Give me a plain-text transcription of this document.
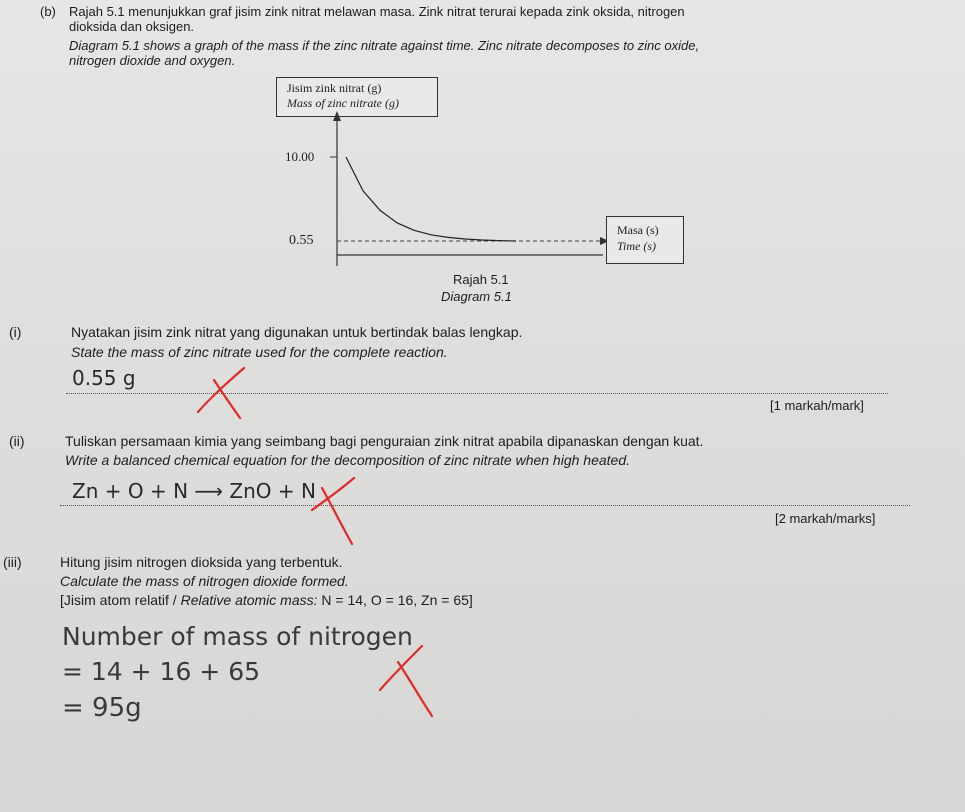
(b) Rajah 5.1 menunjukkan graf jisim zink nitrat melawan masa. Zink nitrat terurai kepada zink oksida, nitrogen
dioksida dan oksigen.
Diagram 5.1 shows a graph of the mass if the zinc nitrate against time. Zinc nitrate decomposes to zinc oxide,
nitrogen dioxide and oxygen.
Jisim zink nitrat (g)
Mass of zinc nitrate (g)
10.00
0.55
Masa (s)
Time (s)
Rajah 5.1
Diagram 5.1
(i)	Nyatakan jisim zink nitrat yang digunakan untuk bertindak balas lengkap.
State the mass of zinc nitrate used for the complete reaction.
0.55 g
[1 markah/mark]
(ii)	Tuliskan persamaan kimia yang seimbang bagi penguraian zink nitrat apabila dipanaskan dengan kuat.
Write a balanced chemical equation for the decomposition of zinc nitrate when high heated.
Zn + O + N ⟶ ZnO + N
[2 markah/marks]
(iii)	Hitung jisim nitrogen dioksida yang terbentuk.
Calculate the mass of nitrogen dioxide formed.
[Jisim atom relatif / Relative atomic mass: N = 14, O = 16, Zn = 65]
Number of mass of nitrogen
= 14 + 16 + 65
= 95g
